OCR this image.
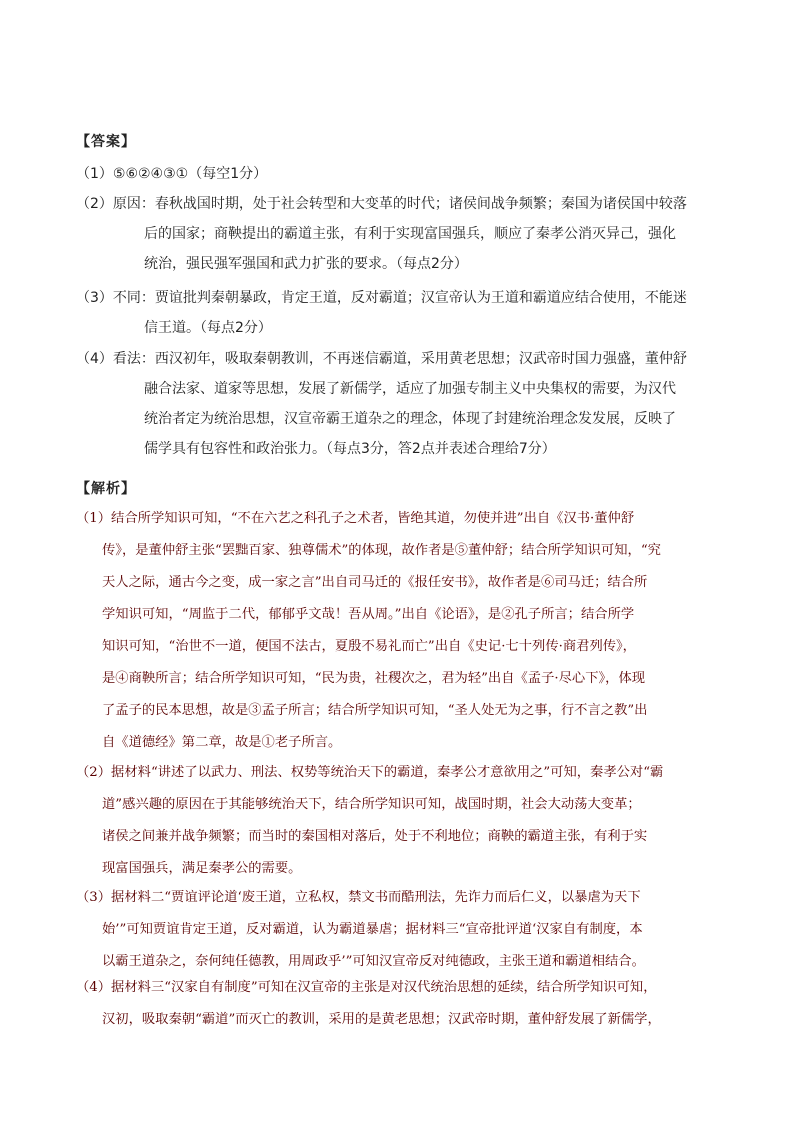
【答案】
（1）⑤⑥②④③①（每空1分）
（2）原因：春秋战国时期，处于社会转型和大变革的时代；诸侯间战争频繁；秦国为诸侯国中较落
后的国家；商鞅提出的霸道主张，有利于实现富国强兵，顺应了秦孝公消灭异己，强化
统治，强民强军强国和武力扩张的要求。（每点2分）
（3）不同：贾谊批判秦朝暴政，肯定王道，反对霸道；汉宣帝认为王道和霸道应结合使用，不能迷
信王道。（每点2分）
（4）看法：西汉初年，吸取秦朝教训，不再迷信霸道，采用黄老思想；汉武帝时国力强盛，董仲舒
融合法家、道家等思想，发展了新儒学，适应了加强专制主义中央集权的需要，为汉代
统治者定为统治思想，汉宣帝霸王道杂之的理念，体现了封建统治理念发发展，反映了
儒学具有包容性和政治张力。（每点3分，答2点并表述合理给7分）
【解析】
（1）结合所学知识可知，“不在六艺之科孔子之术者，皆绝其道，勿使并进”出自《汉书·董仲舒
传》，是董仲舒主张“罢黜百家、独尊儒术”的体现，故作者是⑤董仲舒；结合所学知识可知，“究
天人之际，通古今之变，成一家之言”出自司马迁的《报任安书》，故作者是⑥司马迁；结合所
学知识可知，“周监于二代，郁郁乎文哉！吾从周。”出自《论语》，是②孔子所言；结合所学
知识可知，“治世不一道，便国不法古，夏殷不易礼而亡”出自《史记·七十列传·商君列传》，
是④商鞅所言；结合所学知识可知，“民为贵，社稷次之，君为轻”出自《孟子·尽心下》，体现
了孟子的民本思想，故是③孟子所言；结合所学知识可知，“圣人处无为之事，行不言之教”出
自《道德经》第二章，故是①老子所言。
（2）据材料“讲述了以武力、刑法、权势等统治天下的霸道，秦孝公才意欲用之”可知，秦孝公对“霸
道”感兴趣的原因在于其能够统治天下，结合所学知识可知，战国时期，社会大动荡大变革；
诸侯之间兼并战争频繁；而当时的秦国相对落后，处于不利地位；商鞅的霸道主张，有利于实
现富国强兵，满足秦孝公的需要。
（3）据材料二“贾谊评论道‘废王道，立私权，禁文书而酷刑法，先诈力而后仁义，以暴虐为天下
始’”可知贾谊肯定王道，反对霸道，认为霸道暴虐；据材料三“宣帝批评道‘汉家自有制度，本
以霸王道杂之，奈何纯任德教，用周政乎’”可知汉宣帝反对纯德政，主张王道和霸道相结合。
（4）据材料三“汉家自有制度”可知在汉宣帝的主张是对汉代统治思想的延续，结合所学知识可知，
汉初，吸取秦朝“霸道”而灭亡的教训，采用的是黄老思想；汉武帝时期，董仲舒发展了新儒学，
